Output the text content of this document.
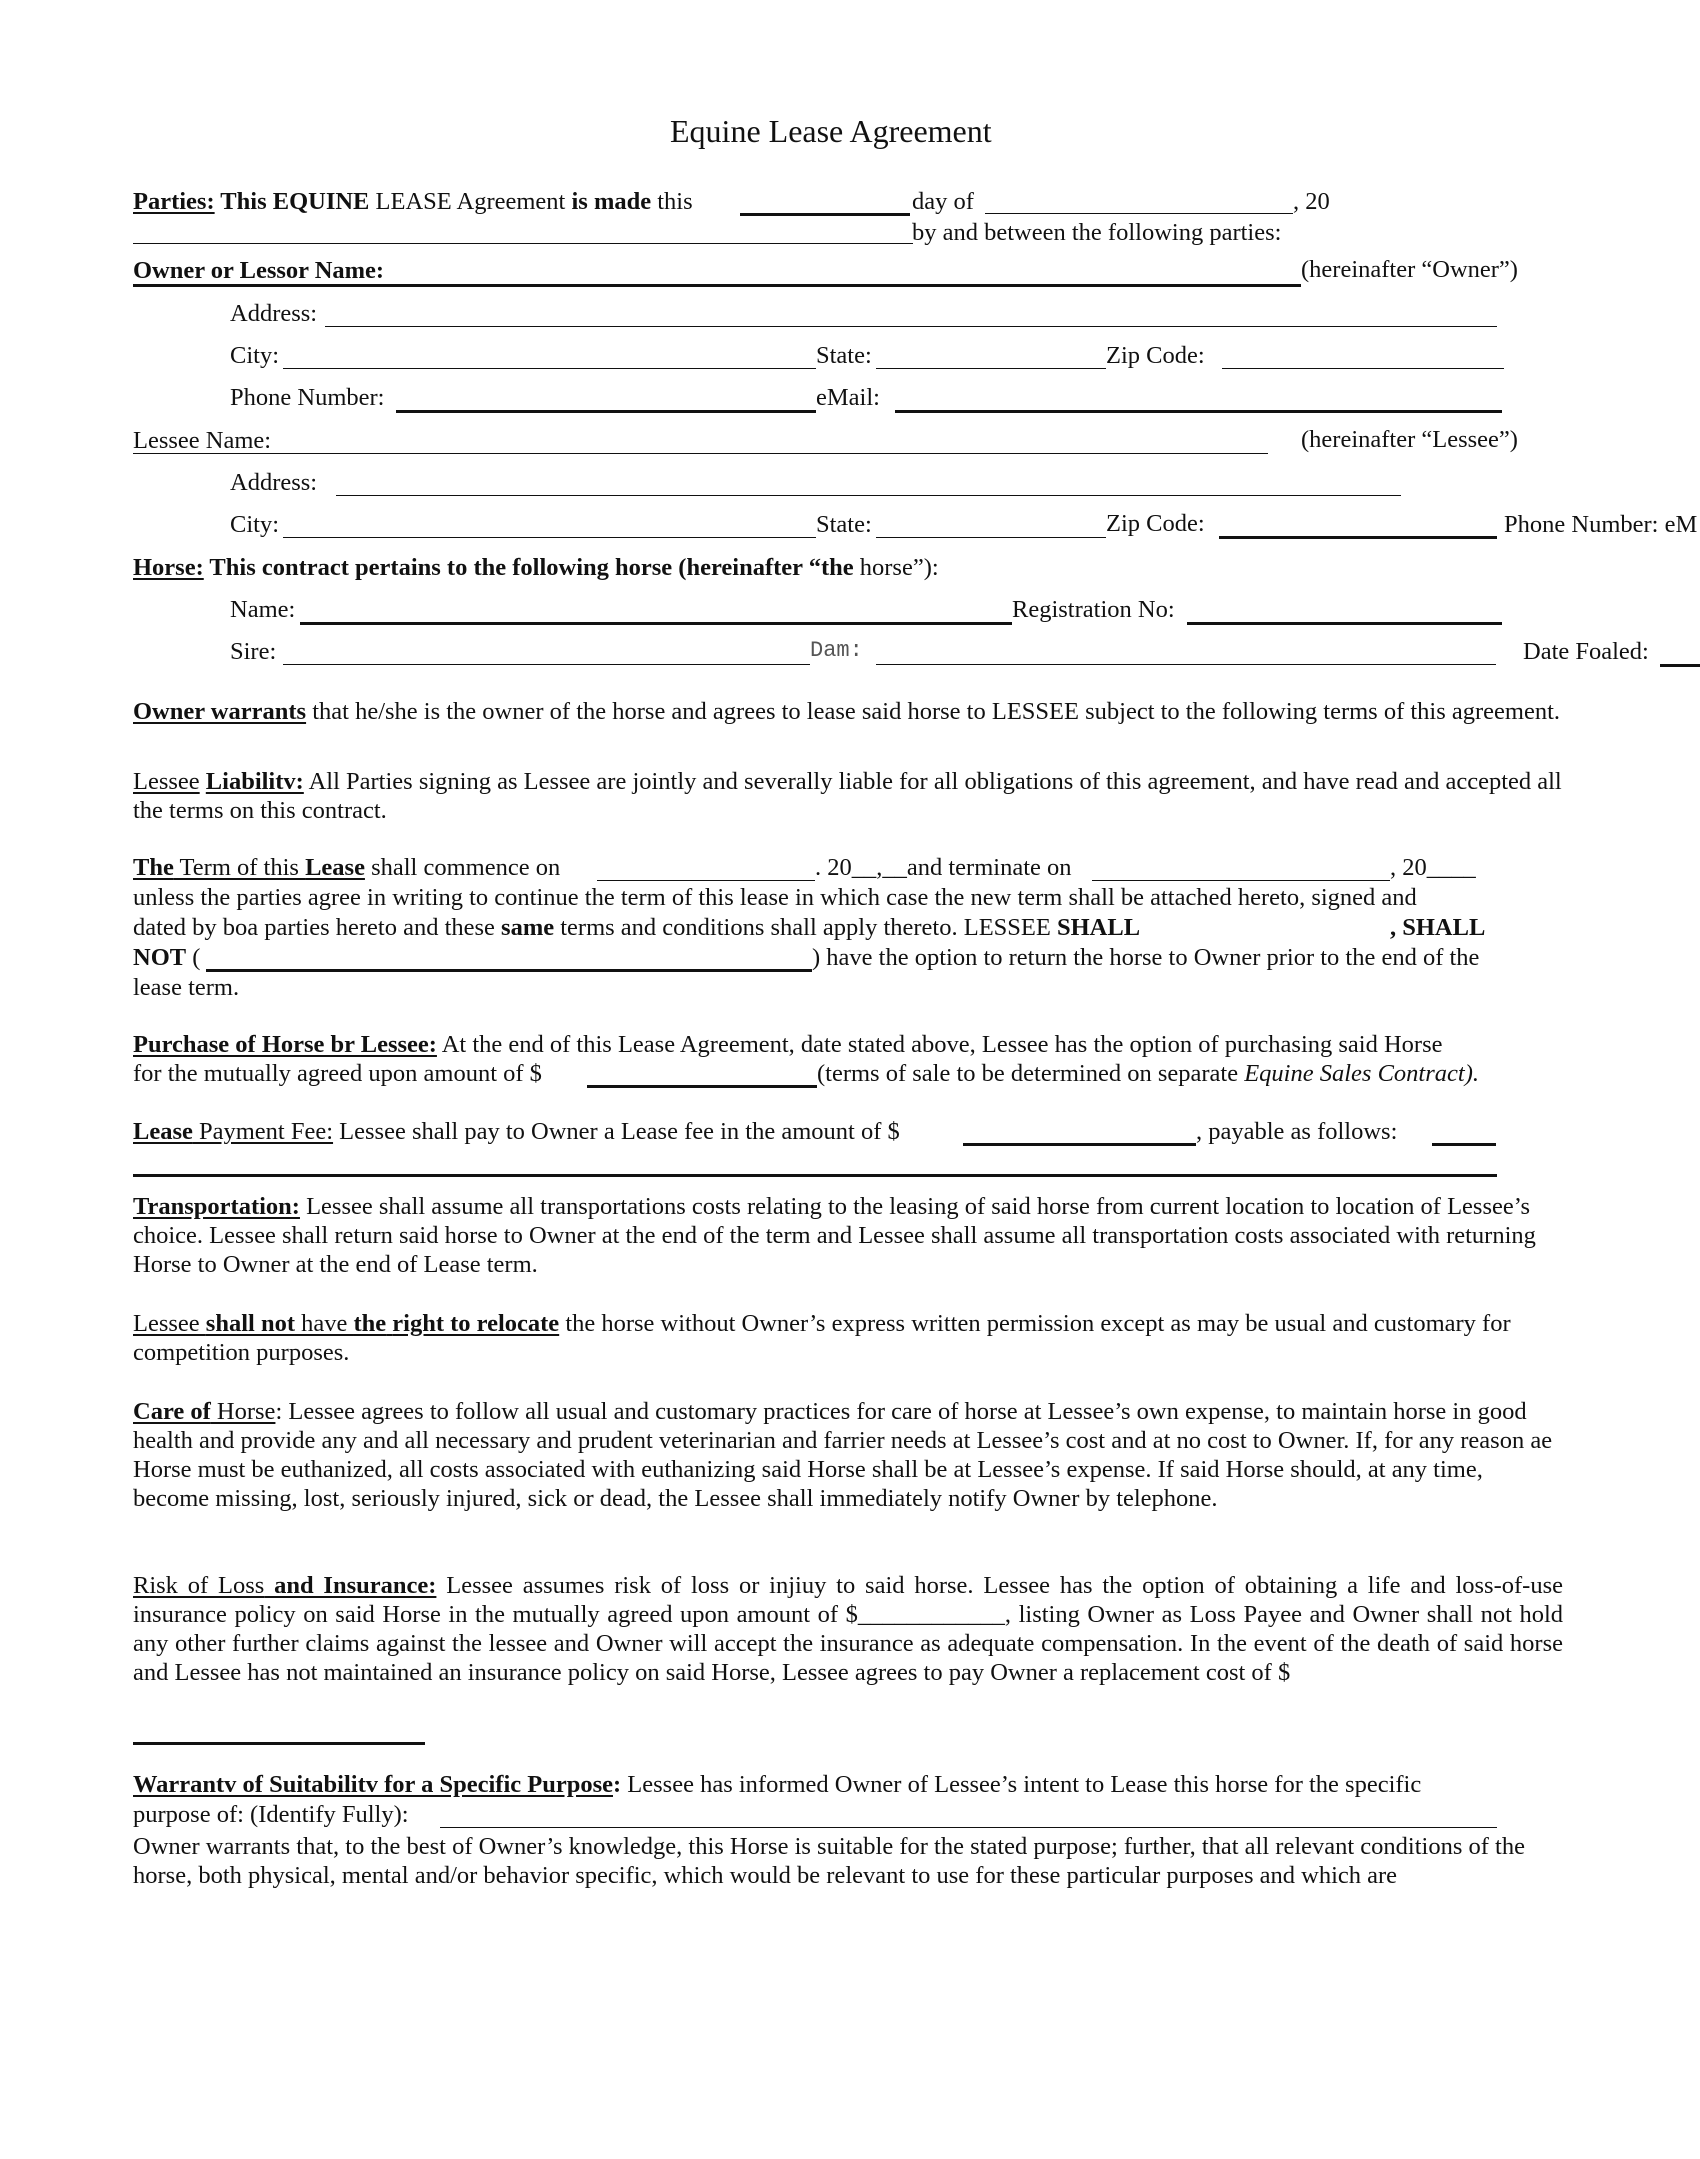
Equine Lease Agreement
Parties: This EQUINE LEASE Agreement is made this	day of	, 20
by and between the following parties:
Owner or Lessor Name:	(hereinafter “Owner”)
Address:
City:	State:	Zip Code:
Phone Number:	eMail:
Lessee Name:	(hereinafter “Lessee”)
Address:
City:	State:	Zip Code:	Phone Number: eM
Horse: This contract pertains to the following horse (hereinafter “the horse”):
Name:	Registration No:
Sire:	Dam:	Date Foaled:
Owner warrants that he/she is the owner of the horse and agrees to lease said horse to LESSEE subject to the following terms of this agreement.
Lessee Liabilitv: All Parties signing as Lessee are jointly and severally liable for all obligations of this agreement, and have read and accepted all the terms on this contract.
The Term of this Lease shall commence on	. 20__,__and terminate on	, 20____
unless the parties agree in writing to continue the term of this lease in which case the new term shall be attached hereto, signed and
dated by boa parties hereto and these same terms and conditions shall apply thereto. LESSEE SHALL	, SHALL
NOT (	) have the option to return the horse to Owner prior to the end of the
lease term.
Purchase of Horse br Lessee: At the end of this Lease Agreement, date stated above, Lessee has the option of purchasing said Horse
for the mutually agreed upon amount of $	(terms of sale to be determined on separate Equine Sales Contract).
Lease Payment Fee: Lessee shall pay to Owner a Lease fee in the amount of $	, payable as follows:
Transportation: Lessee shall assume all transportations costs relating to the leasing of said horse from current location to location of Lessee’s choice. Lessee shall return said horse to Owner at the end of the term and Lessee shall assume all transportation costs associated with returning Horse to Owner at the end of Lease term.
Lessee shall not have the right to relocate the horse without Owner’s express written permission except as may be usual and customary for competition purposes.
Care of Horse: Lessee agrees to follow all usual and customary practices for care of horse at Lessee’s own expense, to maintain horse in good health and provide any and all necessary and prudent veterinarian and farrier needs at Lessee’s cost and at no cost to Owner. If, for any reason ae Horse must be euthanized, all costs associated with euthanizing said Horse shall be at Lessee’s expense. If said Horse should, at any time, become missing, lost, seriously injured, sick or dead, the Lessee shall immediately notify Owner by telephone.
Risk of Loss and Insurance: Lessee assumes risk of loss or injiuy to said horse. Lessee has the option of obtaining a life and loss-of-use insurance policy on said Horse in the mutually agreed upon amount of $____________, listing Owner as Loss Payee and Owner shall not hold any other further claims against the lessee and Owner will accept the insurance as adequate compensation. In the event of the death of said horse and Lessee has not maintained an insurance policy on said Horse, Lessee agrees to pay Owner a replacement cost of $
Warrantv of Suitabilitv for a Specific Purpose: Lessee has informed Owner of Lessee’s intent to Lease this horse for the specific
purpose of: (Identify Fully):
Owner warrants that, to the best of Owner’s knowledge, this Horse is suitable for the stated purpose; further, that all relevant conditions of the horse, both physical, mental and/or behavior specific, which would be relevant to use for these particular purposes and which are
